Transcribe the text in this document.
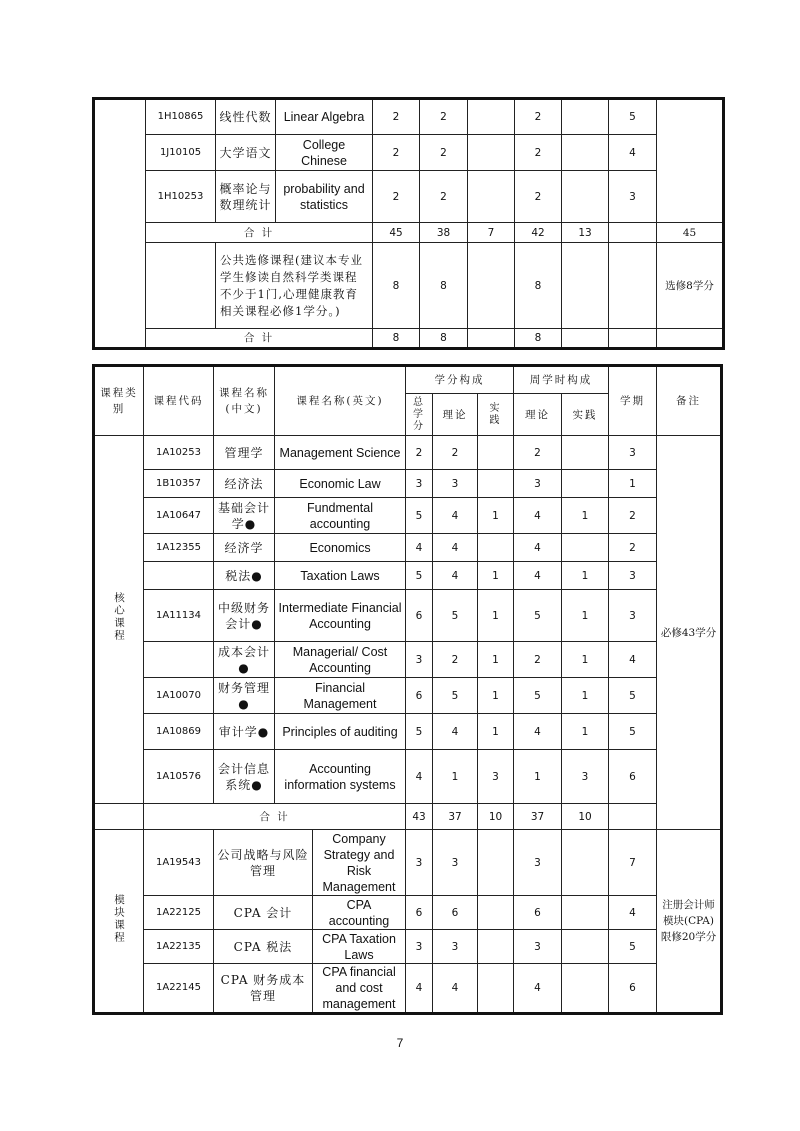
	1H10865	线性代数	Linear Algebra	2	2		2		5	
	1J10105	大学语文	College Chinese	2	2		2		4	
	1H10253	概率论与数理统计	probability and statistics	2	2		2		3	
	合 计			45	38	7	42	13		45
		公共选修课程(建议本专业学生修读自然科学类课程不少于1门,心理健康教育相关课程必修1学分。)		8	8		8			选修8学分
	合 计			8	8		8			
课程类别	课程代码	课程名称(中文)	课程名称(英文)		学分构成			周学时构成		学期	备注
					总学分	理论	实践	理论	实践		
核心课程	1A10253	管理学	Management Science		2	2		2		3	必修43学分
	1B10357	经济法	Economic Law		3	3		3		1	
	1A10647	基础会计学●	Fundmental accounting		5	4	1	4	1	2	
	1A12355	经济学	Economics		4	4		4		2	
		税法●	Taxation Laws		5	4	1	4	1	3	
	1A11134	中级财务会计●	Intermediate Financial Accounting		6	5	1	5	1	3	
		成本会计●	Managerial/ Cost Accounting		3	2	1	2	1	4	
	1A10070	财务管理●	Financial Management		6	5	1	5	1	5	
	1A10869	审计学●	Principles of auditing		5	4	1	4	1	5	
	1A10576	会计信息系统●	Accounting information systems		4	1	3	1	3	6	
	合 计				43	37	10	37	10		
模块课程	1A19543	公司战略与风险管理		Company Strategy and Risk Management	3	3		3		7	注册会计师模块(CPA)限修20学分
	1A22125	CPA 会计		CPA accounting	6	6		6		4	
	1A22135	CPA 税法		CPA Taxation Laws	3	3		3		5	
	1A22145	CPA 财务成本管理		CPA financial and cost management	4	4		4		6	
7
